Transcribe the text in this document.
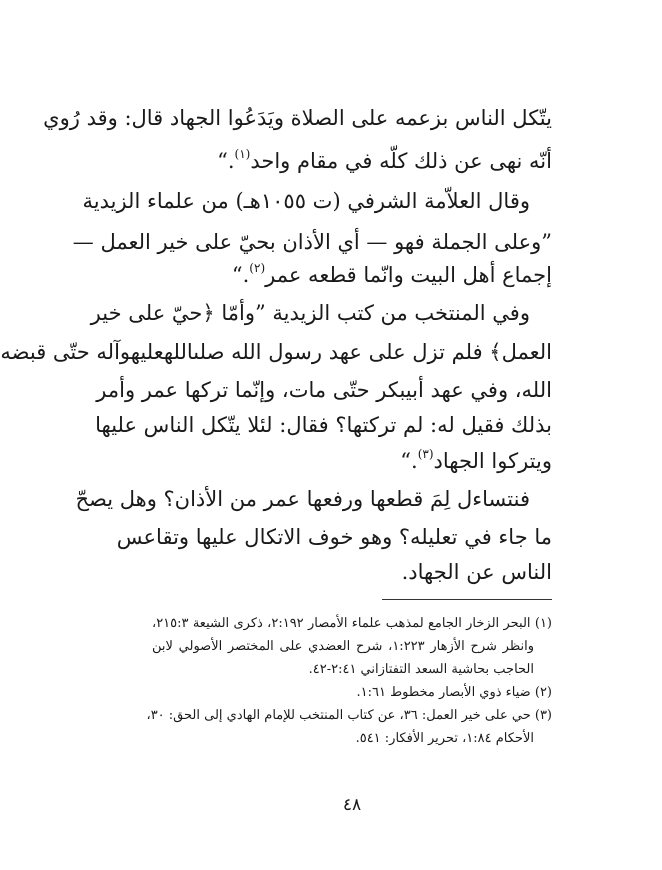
يتّكل الناس بزعمه على الصلاة ويَدَعُوا الجهاد قال: وقد رُوي
أنّه نهى عن ذلك كلّه في مقام واحد$^{(١)}$.“
وقال العلاّمة الشرفي (ت ١٠٥٥هـ) من علماء الزيدية
”وعلى الجملة فهو — أي الأذان بحيّ على خير العمل —
إجماع أهل البيت وانّما قطعه عمر$^{(٢)}$.“
وفي المنتخب من كتب الزيدية ”وأمّا ﴿حيّ على خير
العمل﴾ فلم تزل على عهد رسول الله صلىاللهعليهوآله حتّى قبضه
الله، وفي عهد أبيبكر حتّى مات، وإنّما تركها عمر وأمر
بذلك فقيل له: لم تركتها؟ فقال: لئلا يتّكل الناس عليها
ويتركوا الجهاد$^{(٣)}$.“
فنتساءل لِمَ قطعها ورفعها عمر من الأذان؟ وهل يصحّ
ما جاء في تعليله؟ وهو خوف الاتكال عليها وتقاعس
الناس عن الجهاد.
(١) البحر الزخار الجامع لمذهب علماء الأمصار ٢:١٩٢، ذكرى الشيعة ٢١٥:٣،
وانظر شرح الأزهار ١:٢٢٣، شرح العضدي على المختصر الأصولي لابن
الحاجب بحاشية السعد التفتازاني ٢:٤١-٤٢.
(٢) ضياء ذوي الأبصار مخطوط ١:٦١.
(٣) حي على خير العمل: ٣٦، عن كتاب المنتخب للإمام الهادي إلى الحق: ٣٠،
الأحكام ١:٨٤، تحرير الأفكار: ٥٤١.
٤٨
